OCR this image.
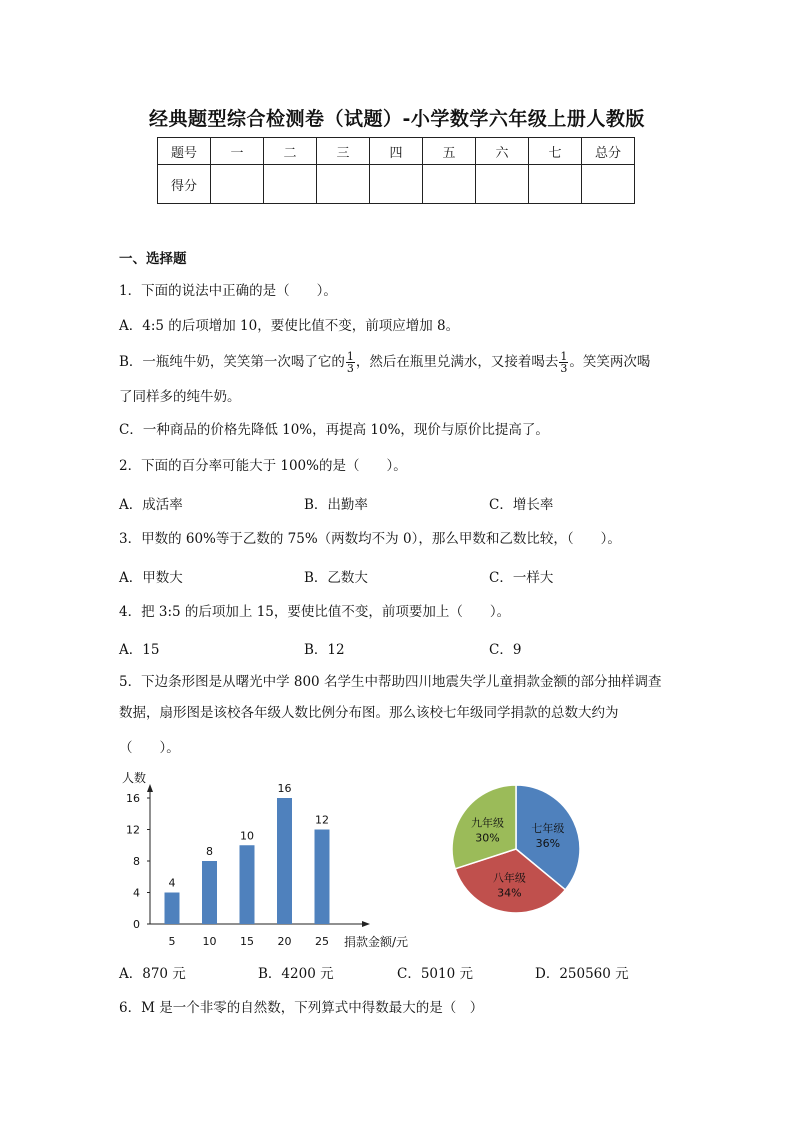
经典题型综合检测卷（试题）-小学数学六年级上册人教版
题号	一	二	三	四	五	六	七	总分
得分								
一、选择题
1．下面的说法中正确的是（　　）。
A．4:5 的后项增加 10，要使比值不变，前项应增加 8。
B．一瓶纯牛奶，笑笑第一次喝了它的 $\frac{1}{3}$ ，然后在瓶里兑满水，又接着喝去 $\frac{1}{3}$ 。笑笑两次喝
了同样多的纯牛奶。
C．一种商品的价格先降低 10%，再提高 10%，现价与原价比提高了。
2．下面的百分率可能大于 100%的是（　　）。
A．成活率	B．出勤率	C．增长率
3．甲数的 60%等于乙数的 75%（两数均不为 0），那么甲数和乙数比较，（　　）。
A．甲数大	B．乙数大	C．一样大
4．把 3:5 的后项加上 15，要使比值不变，前项要加上（　　）。
A．15	B．12	C．9
5．下边条形图是从曙光中学 800 名学生中帮助四川地震失学儿童捐款金额的部分抽样调查
数据，扇形图是该校各年级人数比例分布图。那么该校七年级同学捐款的总数大约为
（　　）。
人数
0
4
8
12
16
4
5
8
10
10
15
16
20
12
25 捐款金额/元
七年级
36%
八年级
34%
九年级
30%
A．870 元	B．4200 元	C．5010 元	D．250560 元
6．M 是一个非零的自然数，下列算式中得数最大的是（　）
